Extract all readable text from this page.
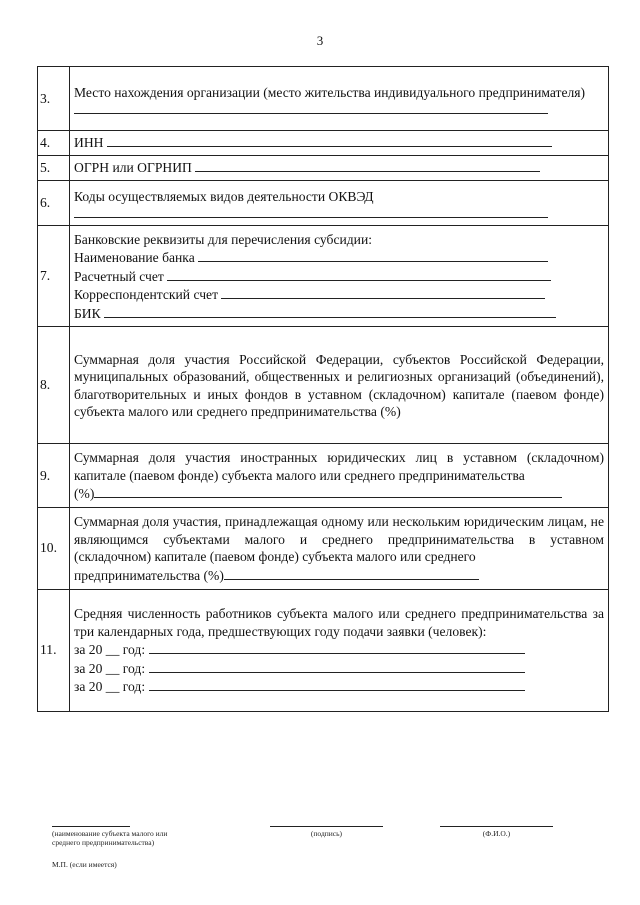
3
3.	Место нахождения организации (место жительства индивидуального предпринимателя)

4.	ИНН
5.	ОГРН или ОГРНИП
6.	Коды осуществляемых видов деятельности ОКВЭД

7.	Банковские реквизиты для перечисления субсидии:
Наименование банка
Расчетный счет
Корреспондентский счет
БИК

8.	Суммарная доля участия Российской Федерации, субъектов Российской Федерации, муниципальных образований, общественных и религиозных организаций (объединений), благотворительных и иных фондов в уставном (складочном) капитале (паевом фонде) субъекта малого или среднего предпринимательства (%)

9.	Суммарная доля участия иностранных юридических лиц в уставном (складочном) капитале (паевом фонде) субъекта малого или среднего предпринимательства
(%)

10.	Суммарная доля участия, принадлежащая одному или нескольким юридическим лицам, не являющимся субъектами малого и среднего предпринимательства в уставном (складочном) капитале (паевом фонде) субъекта малого или среднего
предпринимательства (%)

11.	Средняя численность работников субъекта малого или среднего предпринимательства за три календарных года, предшествующих году подачи заявки (человек):
за 20 __ год:
за 20 __ год:
за 20 __ год:
(наименование субъекта малого или среднего предпринимательства)
(подпись)	(Ф.И.О.)
М.П. (если имеется)
